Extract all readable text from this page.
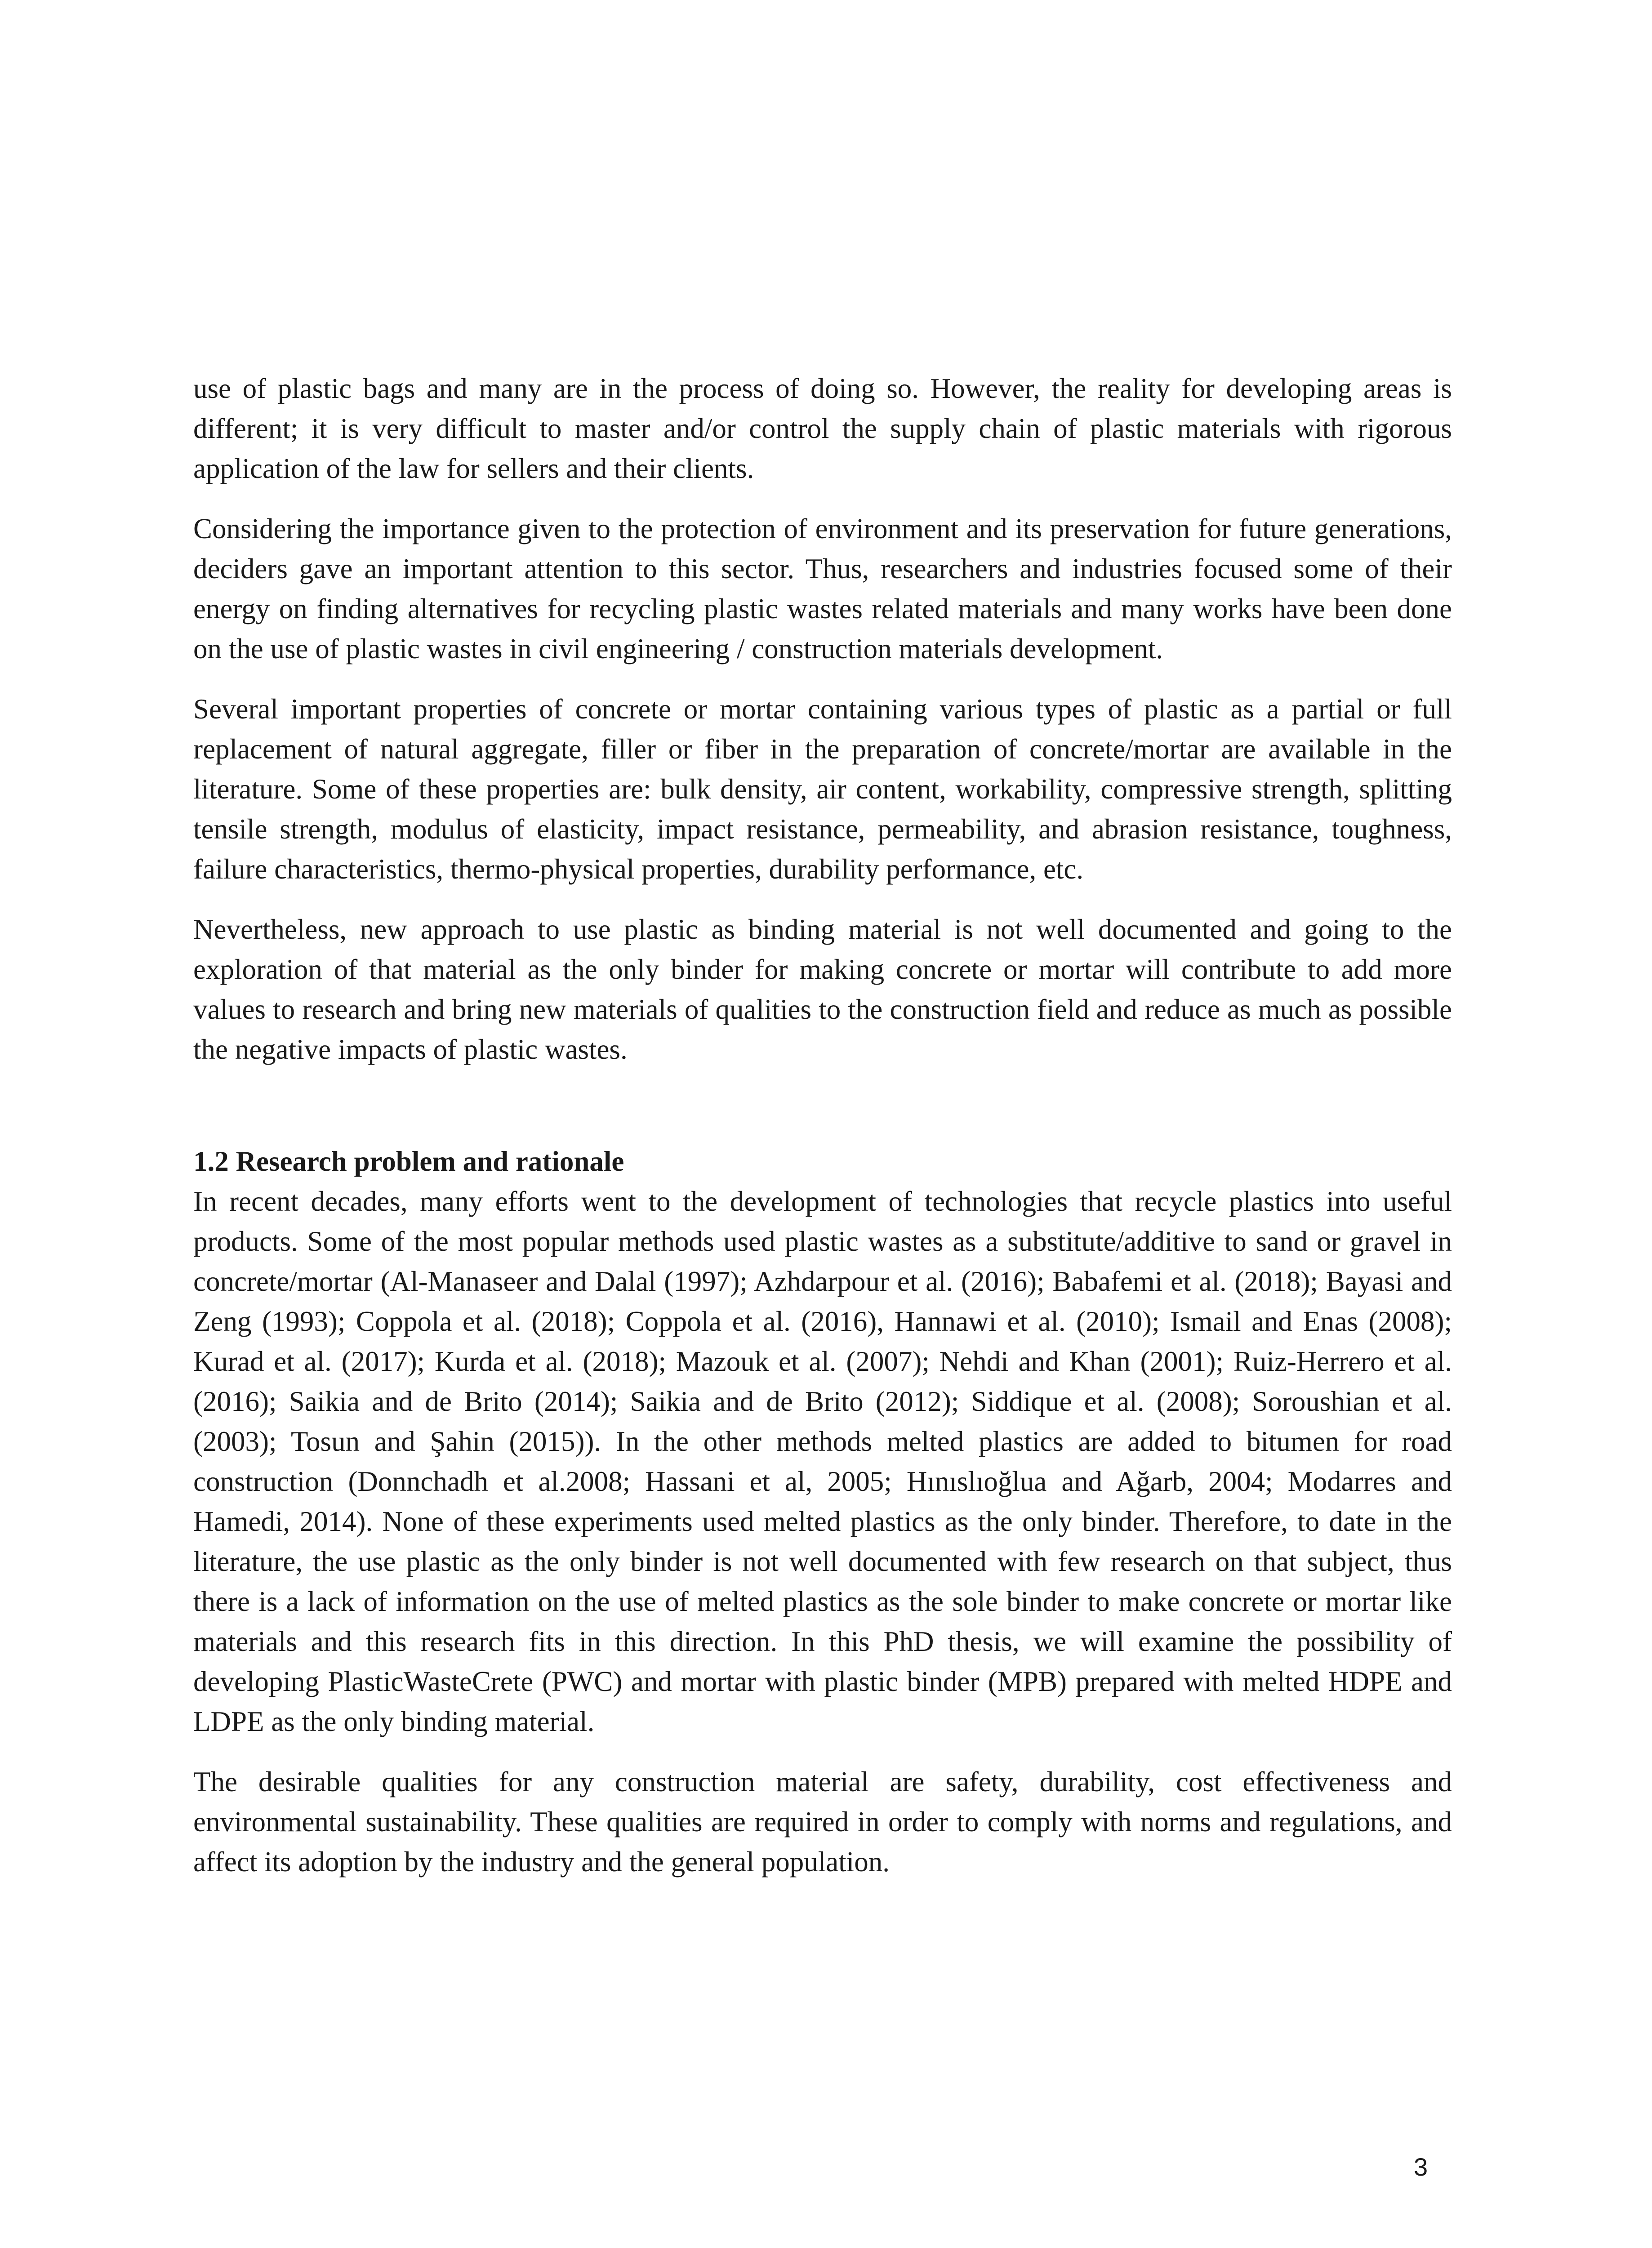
use of plastic bags and many are in the process of doing so. However, the reality for developing areas is different; it is very difficult to master and/or control the supply chain of plastic materials with rigorous application of the law for sellers and their clients.

Considering the importance given to the protection of environment and its preservation for future generations, deciders gave an important attention to this sector. Thus, researchers and industries focused some of their energy on finding alternatives for recycling plastic wastes related materials and many works have been done on the use of plastic wastes in civil engineering / construction materials development.

Several important properties of concrete or mortar containing various types of plastic as a partial or full replacement of natural aggregate, filler or fiber in the preparation of concrete/mortar are available in the literature. Some of these properties are: bulk density, air content, workability, compressive strength, splitting tensile strength, modulus of elasticity, impact resistance, permeability, and abrasion resistance, toughness, failure characteristics, thermo-physical properties, durability performance, etc.

Nevertheless, new approach to use plastic as binding material is not well documented and going to the exploration of that material as the only binder for making concrete or mortar will contribute to add more values to research and bring new materials of qualities to the construction field and reduce as much as possible the negative impacts of plastic wastes.

1.2 Research problem and rationale

In recent decades, many efforts went to the development of technologies that recycle plastics into useful products. Some of the most popular methods used plastic wastes as a substitute/additive to sand or gravel in concrete/mortar (Al-Manaseer and Dalal (1997); Azhdarpour et al. (2016); Babafemi et al. (2018); Bayasi and Zeng (1993); Coppola et al. (2018); Coppola et al. (2016), Hannawi et al. (2010); Ismail and Enas (2008); Kurad et al. (2017); Kurda et al. (2018); Mazouk et al. (2007); Nehdi and Khan (2001); Ruiz-Herrero et al. (2016); Saikia and de Brito (2014); Saikia and de Brito (2012); Siddique et al. (2008); Soroushian et al. (2003); Tosun and Şahin (2015)). In the other methods melted plastics are added to bitumen for road construction (Donnchadh et al.2008; Hassani et al, 2005; Hınıslıoğlua and Ağarb, 2004; Modarres and Hamedi, 2014). None of these experiments used melted plastics as the only binder. Therefore, to date in the literature, the use plastic as the only binder is not well documented with few research on that subject, thus there is a lack of information on the use of melted plastics as the sole binder to make concrete or mortar like materials and this research fits in this direction. In this PhD thesis, we will examine the possibility of developing PlasticWasteCrete (PWC) and mortar with plastic binder (MPB) prepared with melted HDPE and LDPE as the only binding material.

The desirable qualities for any construction material are safety, durability, cost effectiveness and environmental sustainability. These qualities are required in order to comply with norms and regulations, and affect its adoption by the industry and the general population.

3
